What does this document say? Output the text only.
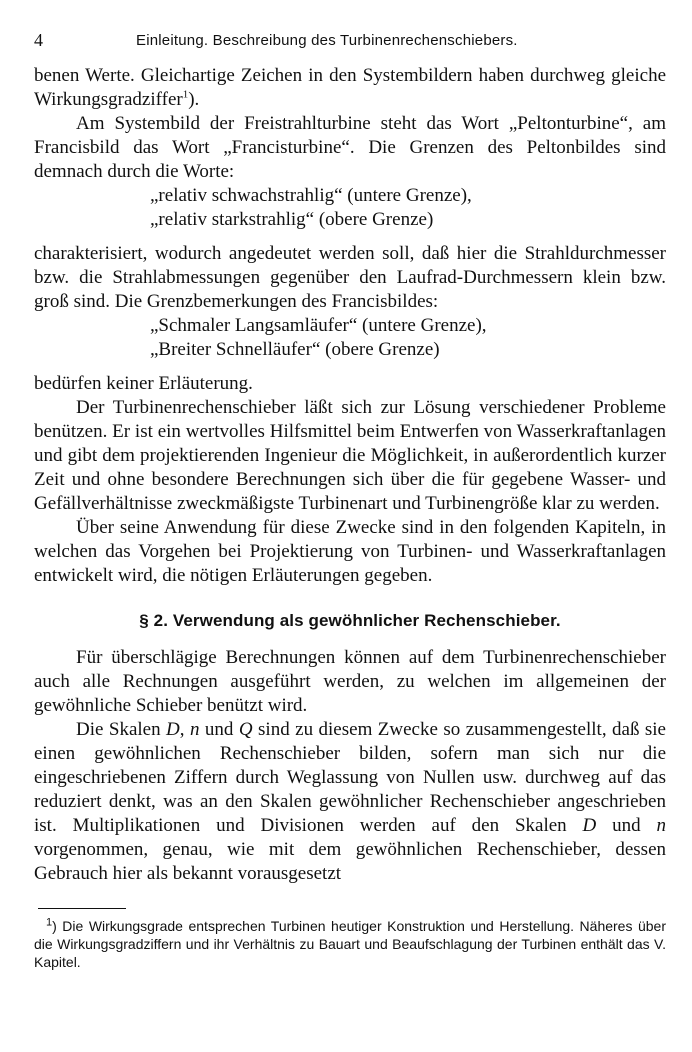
4	Einleitung. Beschreibung des Turbinenrechenschiebers.

benen Werte. Gleichartige Zeichen in den Systembildern haben durchweg gleiche Wirkungsgradziffer$^1$).

Am Systembild der Freistrahlturbine steht das Wort „Peltonturbine“, am Francisbild das Wort „Francisturbine“. Die Grenzen des Peltonbildes sind demnach durch die Worte:

„relativ schwachstrahlig“ (untere Grenze),

„relativ starkstrahlig“ (obere Grenze)

charakterisiert, wodurch angedeutet werden soll, daß hier die Strahldurchmesser bzw. die Strahlabmessungen gegenüber den Laufrad-Durchmessern klein bzw. groß sind. Die Grenzbemerkungen des Francisbildes:

„Schmaler Langsamläufer“ (untere Grenze),

„Breiter Schnelläufer“ (obere Grenze)

bedürfen keiner Erläuterung.

Der Turbinenrechenschieber läßt sich zur Lösung verschiedener Probleme benützen. Er ist ein wertvolles Hilfsmittel beim Entwerfen von Wasserkraftanlagen und gibt dem projektierenden Ingenieur die Möglichkeit, in außerordentlich kurzer Zeit und ohne besondere Berechnungen sich über die für gegebene Wasser- und Gefällverhältnisse zweckmäßigste Turbinenart und Turbinengröße klar zu werden.

Über seine Anwendung für diese Zwecke sind in den folgenden Kapiteln, in welchen das Vorgehen bei Projektierung von Turbinen- und Wasserkraftanlagen entwickelt wird, die nötigen Erläuterungen gegeben.

§ 2. Verwendung als gewöhnlicher Rechenschieber.

Für überschlägige Berechnungen können auf dem Turbinenrechenschieber auch alle Rechnungen ausgeführt werden, zu welchen im allgemeinen der gewöhnliche Schieber benützt wird.

Die Skalen D, n und Q sind zu diesem Zwecke so zusammengestellt, daß sie einen gewöhnlichen Rechenschieber bilden, sofern man sich nur die eingeschriebenen Ziffern durch Weglassung von Nullen usw. durchweg auf das reduziert denkt, was an den Skalen gewöhnlicher Rechenschieber angeschrieben ist. Multiplikationen und Divisionen werden auf den Skalen D und n vorgenommen, genau, wie mit dem gewöhnlichen Rechenschieber, dessen Gebrauch hier als bekannt vorausgesetzt

$^1$) Die Wirkungsgrade entsprechen Turbinen heutiger Konstruktion und Herstellung. Näheres über die Wirkungsgradziffern und ihr Verhältnis zu Bauart und Beaufschlagung der Turbinen enthält das V. Kapitel.
